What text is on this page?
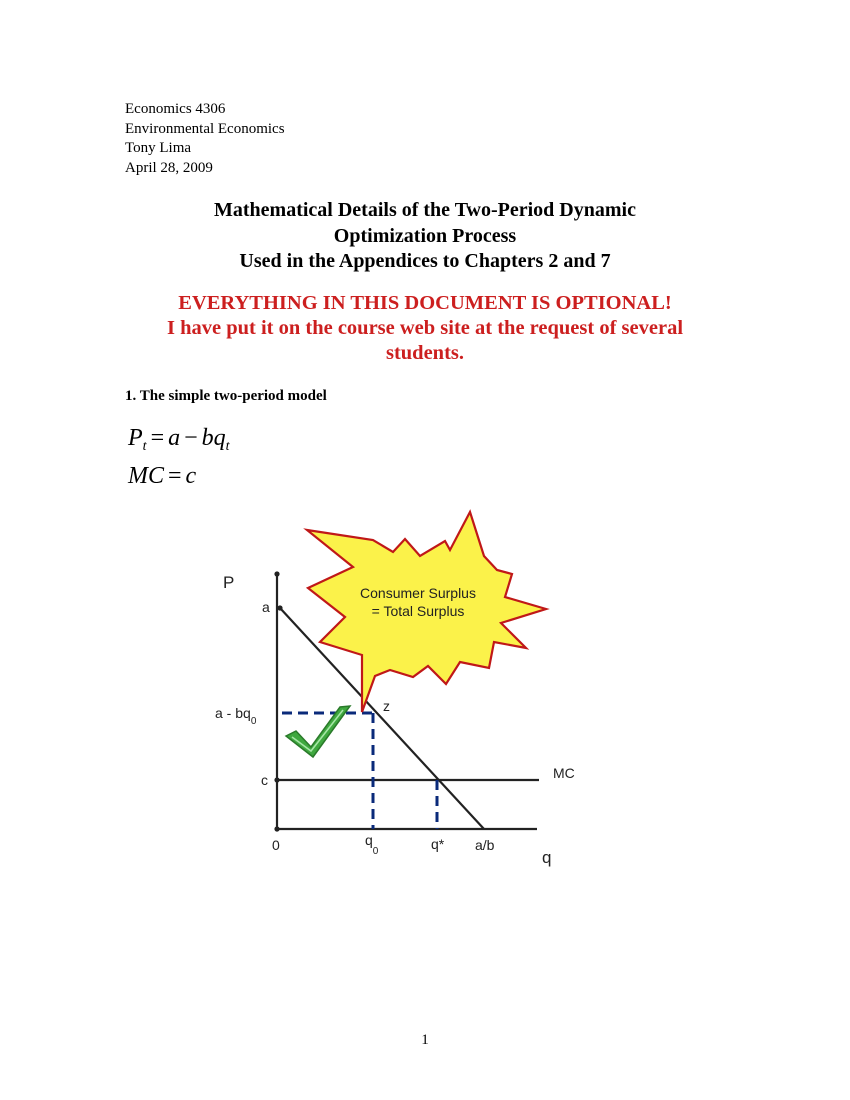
Economics 4306
Environmental Economics
Tony Lima
April 28, 2009
Mathematical Details of the Two-Period Dynamic
Optimization Process
Used in the Appendices to Chapters 2 and 7
EVERYTHING IN THIS DOCUMENT IS OPTIONAL!
I have put it on the course web site at the request of several
students.
1. The simple two-period model
$P_t = a - bq_t$
MC = c
Consumer Surplus
= Total Surplus
P
q
a
a - $bq_0$
c
0	$q_0$	q* a/b
MC
z
1
